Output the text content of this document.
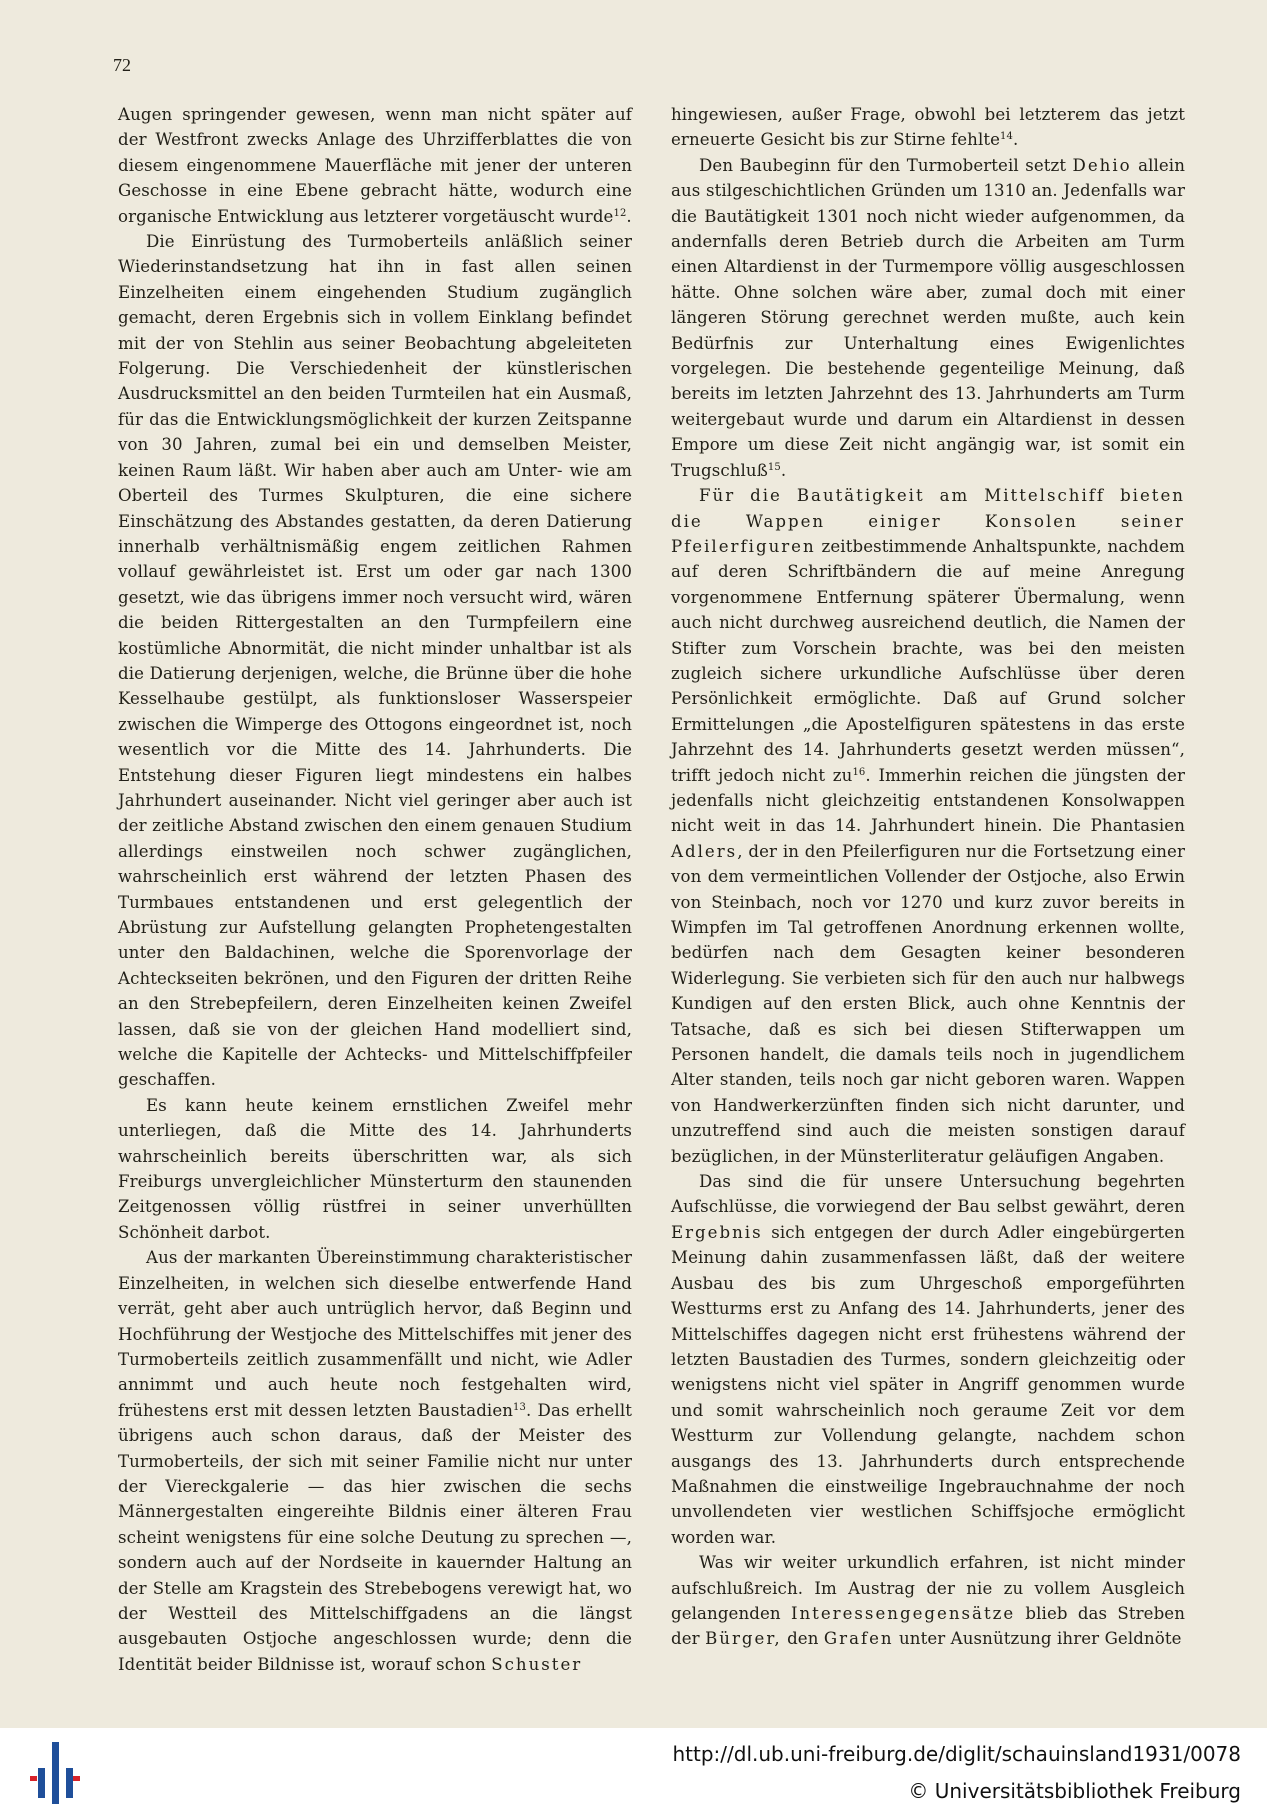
72

Augen springender gewesen, wenn man nicht später auf der Westfront zwecks Anlage des Uhrzifferblattes die von diesem eingenommene Mauerfläche mit jener der unteren Geschosse in eine Ebene gebracht hätte, wodurch eine organische Entwicklung aus letzterer vorgetäuscht wurde$^{12}$.

Die Einrüstung des Turmoberteils anläßlich seiner Wiederinstandsetzung hat ihn in fast allen seinen Einzelheiten einem eingehenden Studium zugänglich gemacht, deren Ergebnis sich in vollem Einklang befindet mit der von Stehlin aus seiner Beobachtung abgeleiteten Folgerung. Die Verschiedenheit der künstlerischen Ausdrucksmittel an den beiden Turmteilen hat ein Ausmaß, für das die Entwicklungsmöglichkeit der kurzen Zeitspanne von 30 Jahren, zumal bei ein und demselben Meister, keinen Raum läßt. Wir haben aber auch am Unter- wie am Oberteil des Turmes Skulpturen, die eine sichere Einschätzung des Abstandes gestatten, da deren Datierung innerhalb verhältnismäßig engem zeitlichen Rahmen vollauf gewährleistet ist. Erst um oder gar nach 1300 gesetzt, wie das übrigens immer noch versucht wird, wären die beiden Rittergestalten an den Turmpfeilern eine kostümliche Abnormität, die nicht minder unhaltbar ist als die Datierung derjenigen, welche, die Brünne über die hohe Kesselhaube gestülpt, als funktionsloser Wasserspeier zwischen die Wimperge des Ottogons eingeordnet ist, noch wesentlich vor die Mitte des 14. Jahrhunderts. Die Entstehung dieser Figuren liegt mindestens ein halbes Jahrhundert auseinander. Nicht viel geringer aber auch ist der zeitliche Abstand zwischen den einem genauen Studium allerdings einstweilen noch schwer zugänglichen, wahrscheinlich erst während der letzten Phasen des Turmbaues entstandenen und erst gelegentlich der Abrüstung zur Aufstellung gelangten Prophetengestalten unter den Baldachinen, welche die Sporenvorlage der Achteckseiten bekrönen, und den Figuren der dritten Reihe an den Strebepfeilern, deren Einzelheiten keinen Zweifel lassen, daß sie von der gleichen Hand modelliert sind, welche die Kapitelle der Achtecks- und Mittelschiffpfeiler geschaffen.

Es kann heute keinem ernstlichen Zweifel mehr unterliegen, daß die Mitte des 14. Jahrhunderts wahrscheinlich bereits überschritten war, als sich Freiburgs unvergleichlicher Münsterturm den staunenden Zeitgenossen völlig rüstfrei in seiner unverhüllten Schönheit darbot.

Aus der markanten Übereinstimmung charakteristischer Einzelheiten, in welchen sich dieselbe entwerfende Hand verrät, geht aber auch untrüglich hervor, daß Beginn und Hochführung der Westjoche des Mittelschiffes mit jener des Turmoberteils zeitlich zusammenfällt und nicht, wie Adler annimmt und auch heute noch festgehalten wird, frühestens erst mit dessen letzten Baustadien$^{13}$. Das erhellt übrigens auch schon daraus, daß der Meister des Turmoberteils, der sich mit seiner Familie nicht nur unter der Viereckgalerie — das hier zwischen die sechs Männergestalten eingereihte Bildnis einer älteren Frau scheint wenigstens für eine solche Deutung zu sprechen —, sondern auch auf der Nordseite in kauernder Haltung an der Stelle am Kragstein des Strebebogens verewigt hat, wo der Westteil des Mittelschiffgadens an die längst ausgebauten Ostjoche angeschlossen wurde; denn die Identität beider Bildnisse ist, worauf schon Schuster

hingewiesen, außer Frage, obwohl bei letzterem das jetzt erneuerte Gesicht bis zur Stirne fehlte$^{14}$.

Den Baubeginn für den Turmoberteil setzt Dehio allein aus stilgeschichtlichen Gründen um 1310 an. Jedenfalls war die Bautätigkeit 1301 noch nicht wieder aufgenommen, da andernfalls deren Betrieb durch die Arbeiten am Turm einen Altardienst in der Turmempore völlig ausgeschlossen hätte. Ohne solchen wäre aber, zumal doch mit einer längeren Störung gerechnet werden mußte, auch kein Bedürfnis zur Unterhaltung eines Ewigenlichtes vorgelegen. Die bestehende gegenteilige Meinung, daß bereits im letzten Jahrzehnt des 13. Jahrhunderts am Turm weitergebaut wurde und darum ein Altardienst in dessen Empore um diese Zeit nicht angängig war, ist somit ein Trugschluß$^{15}$.

Für die Bautätigkeit am Mittelschiff bieten die Wappen einiger Konsolen seiner Pfeilerfiguren zeitbestimmende Anhaltspunkte, nachdem auf deren Schriftbändern die auf meine Anregung vorgenommene Entfernung späterer Übermalung, wenn auch nicht durchweg ausreichend deutlich, die Namen der Stifter zum Vorschein brachte, was bei den meisten zugleich sichere urkundliche Aufschlüsse über deren Persönlichkeit ermöglichte. Daß auf Grund solcher Ermittelungen „die Apostelfiguren spätestens in das erste Jahrzehnt des 14. Jahrhunderts gesetzt werden müssen“, trifft jedoch nicht $zu^{16}$. Immerhin reichen die jüngsten der jedenfalls nicht gleichzeitig entstandenen Konsolwappen nicht weit in das 14. Jahrhundert hinein. Die Phantasien Adlers, der in den Pfeilerfiguren nur die Fortsetzung einer von dem vermeintlichen Vollender der Ostjoche, also Erwin von Steinbach, noch vor 1270 und kurz zuvor bereits in Wimpfen im Tal getroffenen Anordnung erkennen wollte, bedürfen nach dem Gesagten keiner besonderen Widerlegung. Sie verbieten sich für den auch nur halbwegs Kundigen auf den ersten Blick, auch ohne Kenntnis der Tatsache, daß es sich bei diesen Stifterwappen um Personen handelt, die damals teils noch in jugendlichem Alter standen, teils noch gar nicht geboren waren. Wappen von Handwerkerzünften finden sich nicht darunter, und unzutreffend sind auch die meisten sonstigen darauf bezüglichen, in der Münsterliteratur geläufigen Angaben.

Das sind die für unsere Untersuchung begehrten Aufschlüsse, die vorwiegend der Bau selbst gewährt, deren Ergebnis sich entgegen der durch Adler eingebürgerten Meinung dahin zusammenfassen läßt, daß der weitere Ausbau des bis zum Uhrgeschoß emporgeführten Westturms erst zu Anfang des 14. Jahrhunderts, jener des Mittelschiffes dagegen nicht erst frühestens während der letzten Baustadien des Turmes, sondern gleichzeitig oder wenigstens nicht viel später in Angriff genommen wurde und somit wahrscheinlich noch geraume Zeit vor dem Westturm zur Vollendung gelangte, nachdem schon ausgangs des 13. Jahrhunderts durch entsprechende Maßnahmen die einstweilige Ingebrauchnahme der noch unvollendeten vier westlichen Schiffsjoche ermöglicht worden war.

Was wir weiter urkundlich erfahren, ist nicht minder aufschlußreich. Im Austrag der nie zu vollem Ausgleich gelangenden Interessengegensätze blieb das Streben der Bürger, den Grafen unter Ausnützung ihrer Geldnöte

http://dl.ub.uni-freiburg.de/diglit/schauinsland1931/0078
© Universitätsbibliothek Freiburg
